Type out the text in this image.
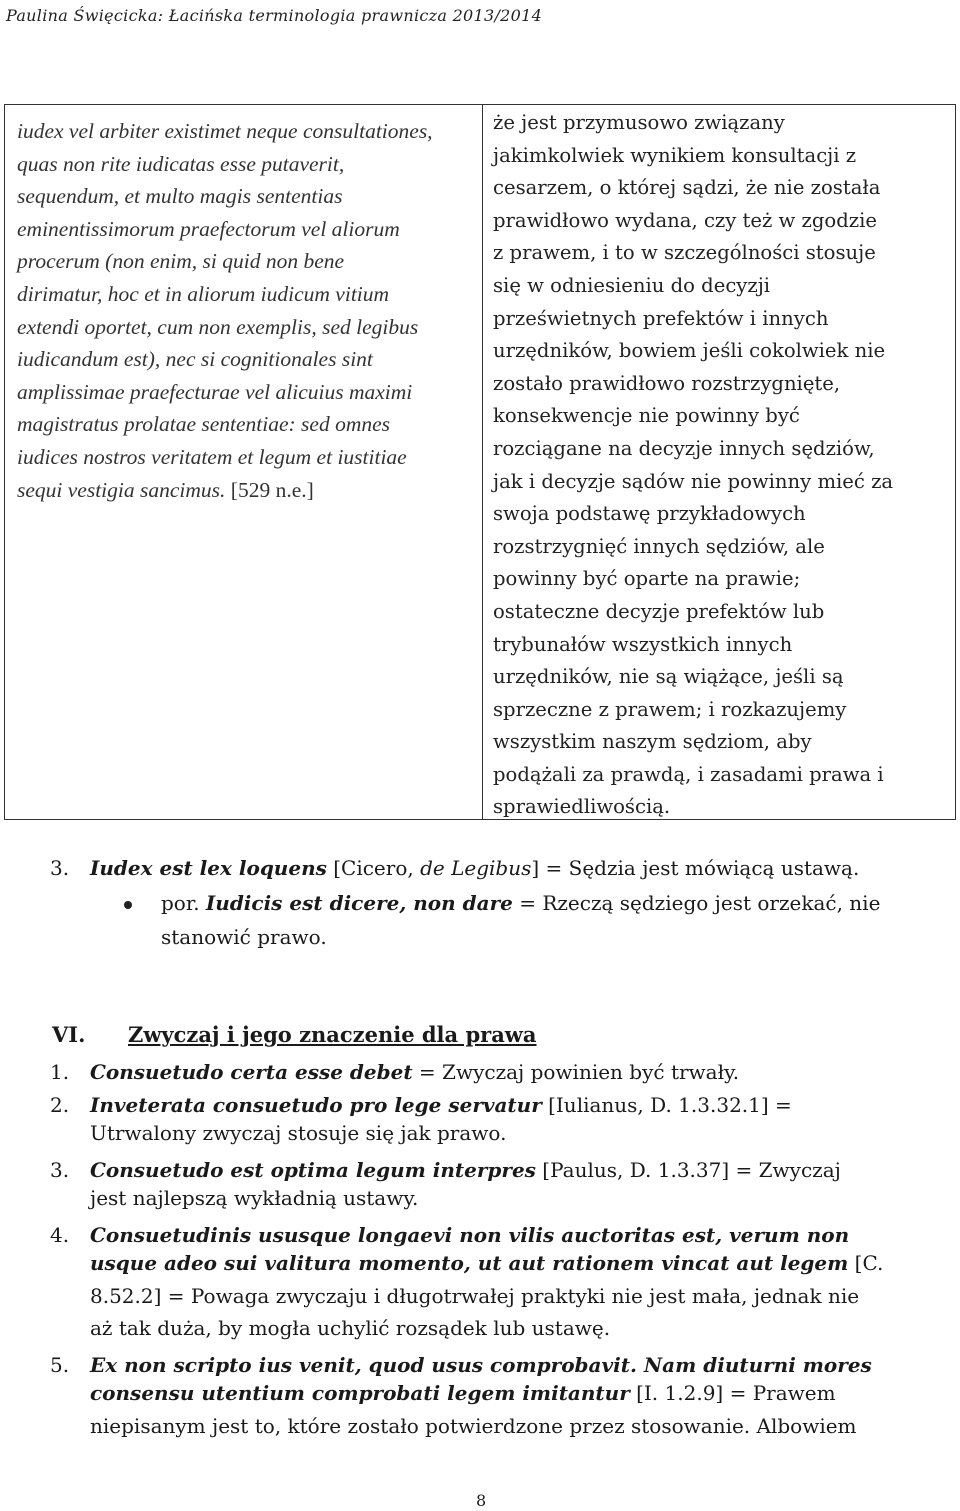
Paulina Święcicka: Łacińska terminologia prawnicza 2013/2014
iudex vel arbiter existimet neque consultationes,
quas non rite iudicatas esse putaverit,
sequendum, et multo magis sententias
eminentissimorum praefectorum vel aliorum
procerum (non enim, si quid non bene
dirimatur, hoc et in aliorum iudicum vitium
extendi oportet, cum non exemplis, sed legibus
iudicandum est), nec si cognitionales sint
amplissimae praefecturae vel alicuius maximi
magistratus prolatae sententiae: sed omnes
iudices nostros veritatem et legum et iustitiae
sequi vestigia sancimus. [529 n.e.]
że jest przymusowo związany
jakimkolwiek wynikiem konsultacji z
cesarzem, o której sądzi, że nie została
prawidłowo wydana, czy też w zgodzie
z prawem, i to w szczególności stosuje
się w odniesieniu do decyzji
prześwietnych prefektów i innych
urzędników, bowiem jeśli cokolwiek nie
zostało prawidłowo rozstrzygnięte,
konsekwencje nie powinny być
rozciągane na decyzje innych sędziów,
jak i decyzje sądów nie powinny mieć za
swoja podstawę przykładowych
rozstrzygnięć innych sędziów, ale
powinny być oparte na prawie;
ostateczne decyzje prefektów lub
trybunałów wszystkich innych
urzędników, nie są wiążące, jeśli są
sprzeczne z prawem; i rozkazujemy
wszystkim naszym sędziom, aby
podążali za prawdą, i zasadami prawa i
sprawiedliwością.
3. Iudex est lex loquens [Cicero, de Legibus] = Sędzia jest mówiącą ustawą.
por. Iudicis est dicere, non dare = Rzeczą sędziego jest orzekać, nie
stanowić prawo.
VI. Zwyczaj i jego znaczenie dla prawa
1. Consuetudo certa esse debet = Zwyczaj powinien być trwały.
2. Inveterata consuetudo pro lege servatur [Iulianus, D. 1.3.32.1] =
Utrwalony zwyczaj stosuje się jak prawo.
3. Consuetudo est optima legum interpres [Paulus, D. 1.3.37] = Zwyczaj
jest najlepszą wykładnią ustawy.
4. Consuetudinis ususque longaevi non vilis auctoritas est, verum non
usque adeo sui valitura momento, ut aut rationem vincat aut legem [C.
8.52.2] = Powaga zwyczaju i długotrwałej praktyki nie jest mała, jednak nie
aż tak duża, by mogła uchylić rozsądek lub ustawę.
5. Ex non scripto ius venit, quod usus comprobavit. Nam diuturni mores
consensu utentium comprobati legem imitantur [I. 1.2.9] = Prawem
niepisanym jest to, które zostało potwierdzone przez stosowanie. Albowiem
8
